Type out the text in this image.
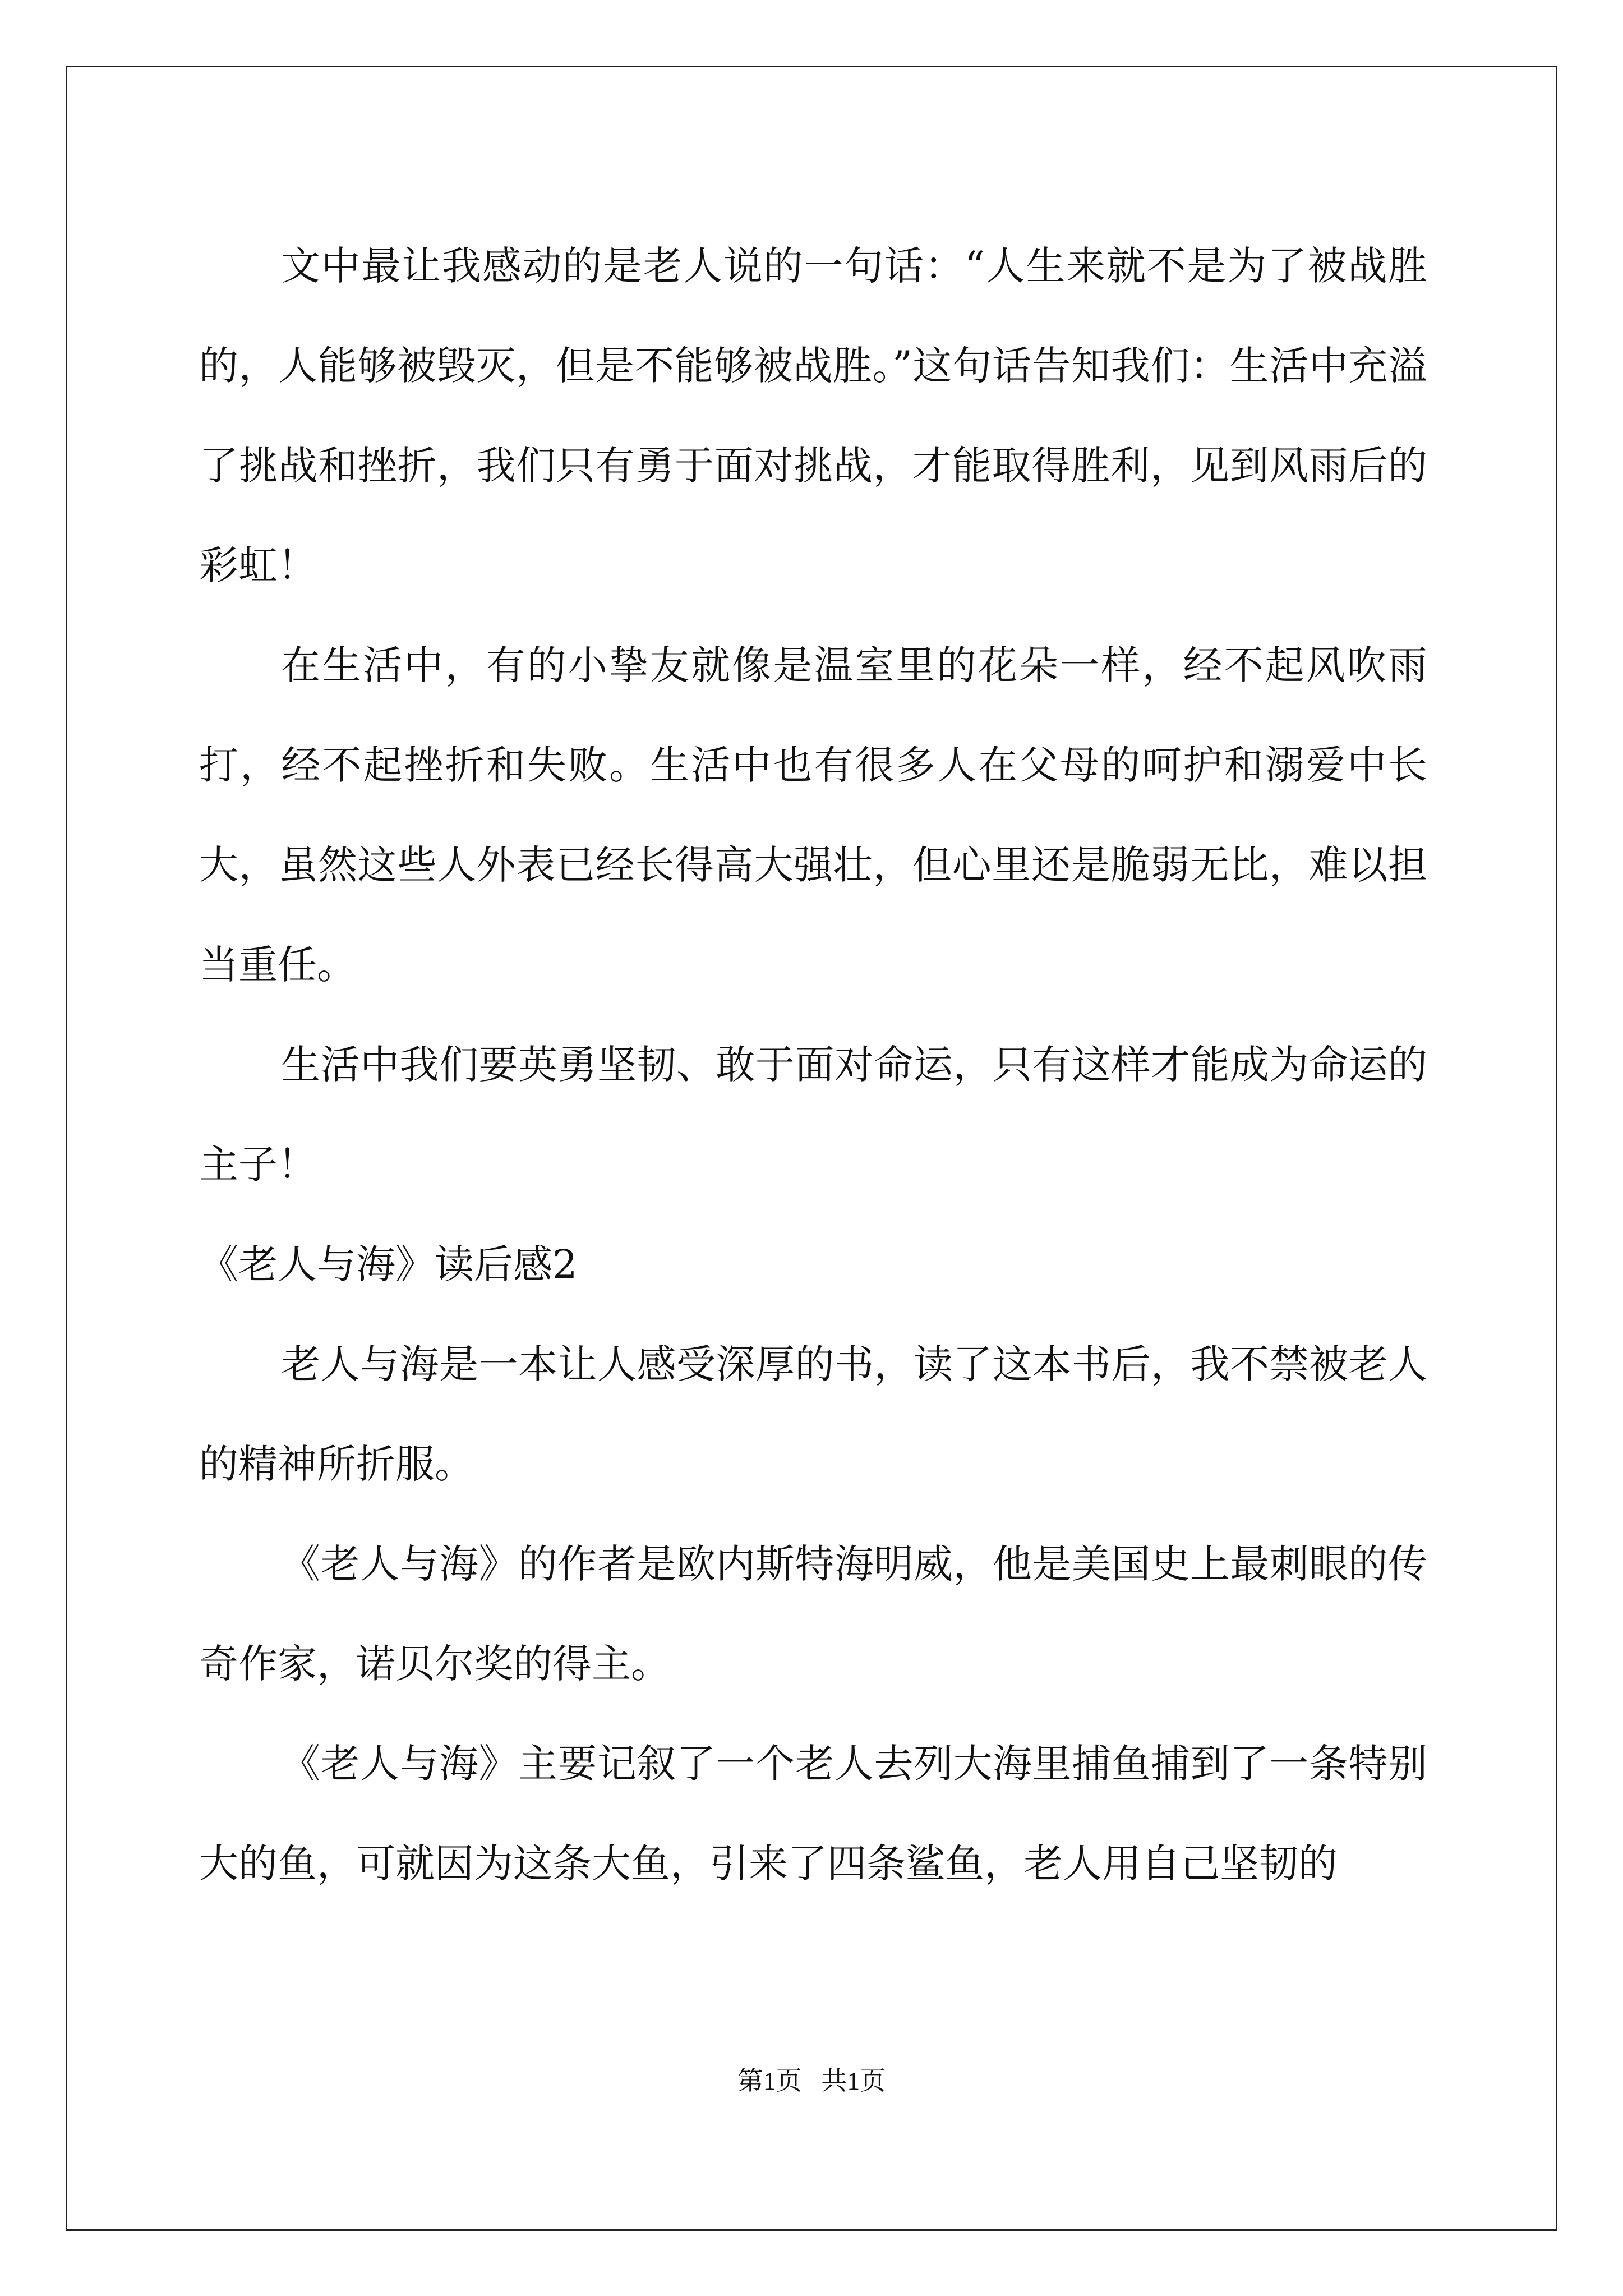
文中最让我感动的是老人说的一句话：“人生来就不是为了被战胜的，人能够被毁灭，但是不能够被战胜。”这句话告知我们：生活中充溢了挑战和挫折，我们只有勇于面对挑战，才能取得胜利，见到风雨后的彩虹！

在生活中，有的小挚友就像是温室里的花朵一样，经不起风吹雨打，经不起挫折和失败。生活中也有很多人在父母的呵护和溺爱中长大，虽然这些人外表已经长得高大强壮，但心里还是脆弱无比，难以担当重任。

生活中我们要英勇坚韧、敢于面对命运，只有这样才能成为命运的主子！

《老人与海》读后感2

老人与海是一本让人感受深厚的书，读了这本书后，我不禁被老人的精神所折服。

《老人与海》的作者是欧内斯特海明威，他是美国史上最刺眼的传奇作家，诺贝尔奖的得主。

《老人与海》主要记叙了一个老人去列大海里捕鱼捕到了一条特别大的鱼，可就因为这条大鱼，引来了四条鲨鱼，老人用自己坚韧的

第1页   共1页
